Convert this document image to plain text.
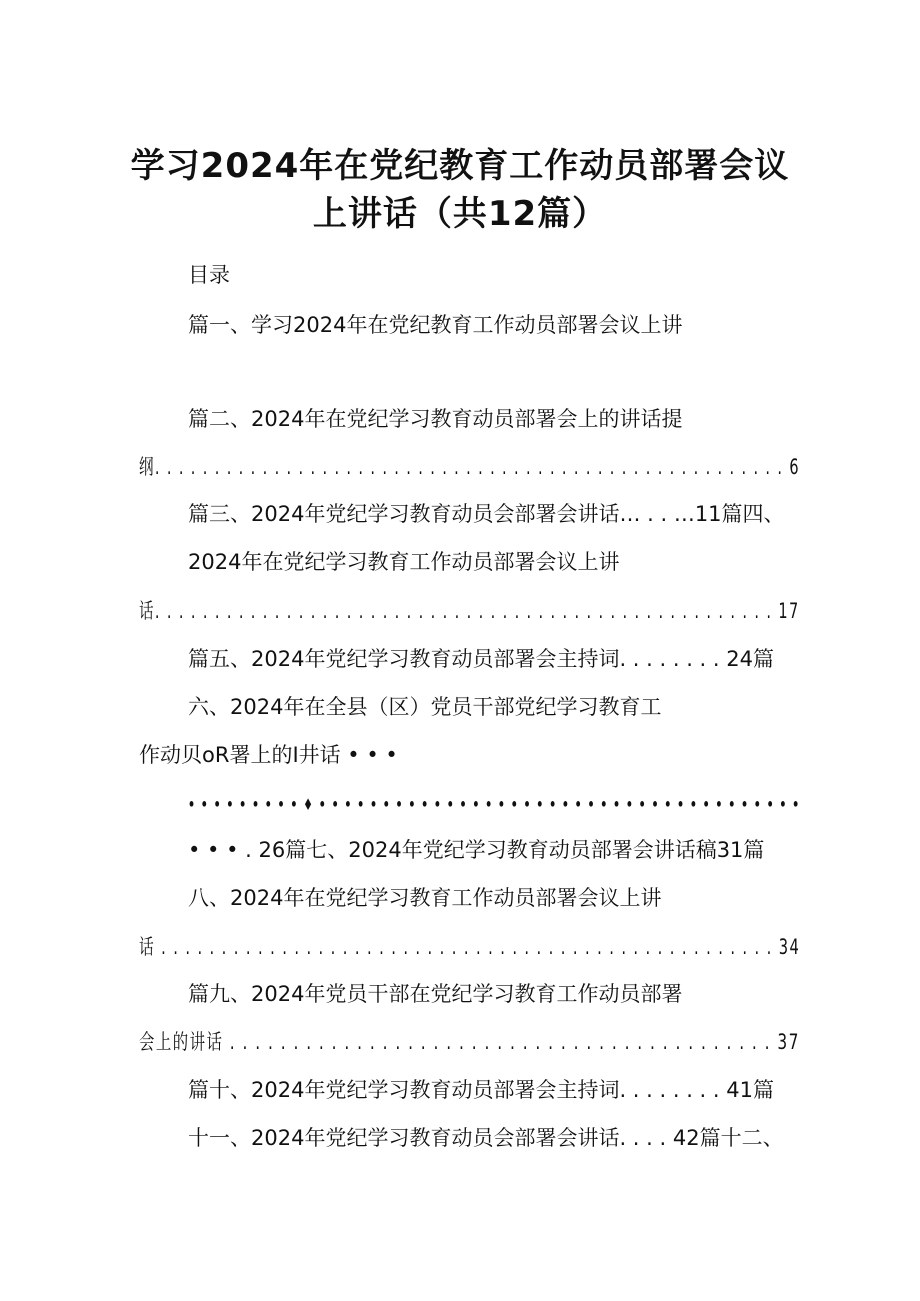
学习2024年在党纪教育工作动员部署会议
上讲话（共12篇）
目录
篇一、学习2024年在党纪教育工作动员部署会议上讲
篇二、2024年在党纪学习教育动员部署会上的讲话提
纲. . . . . . . . . . . . . . . . . . . . . . . . . . . . . . . . . . . . . . . . . . . . . . . . . . . . . 6
篇三、2024年党纪学习教育动员会部署会讲话… . . …11篇四、
2024年在党纪学习教育工作动员部署会议上讲
话. . . . . . . . . . . . . . . . . . . . . . . . . . . . . . . . . . . . . . . . . . . . . . . . . . . . 17
篇五、2024年党纪学习教育动员部署会主持词. . . . . . . . 24篇
六、2024年在全县（区）党员干部党纪学习教育工
作动贝oR署上的I井话 • • •
• • • • • • • • • ♦ • • • • • • • • • • • • • • • • • • • • • • • • • • • • • • • • • • • • • •
• • • . 26篇七、2024年党纪学习教育动员部署会讲话稿31篇
八、2024年在党纪学习教育工作动员部署会议上讲
话 . . . . . . . . . . . . . . . . . . . . . . . . . . . . . . . . . . . . . . . . . . . . . . . . . . . 34
篇九、2024年党员干部在党纪学习教育工作动员部署
会上的讲话 . . . . . . . . . . . . . . . . . . . . . . . . . . . . . . . . . . . . . . . . . . . 37
篇十、2024年党纪学习教育动员部署会主持词. . . . . . . . 41篇
十一、2024年党纪学习教育动员会部署会讲话. . . . 42篇十二、
